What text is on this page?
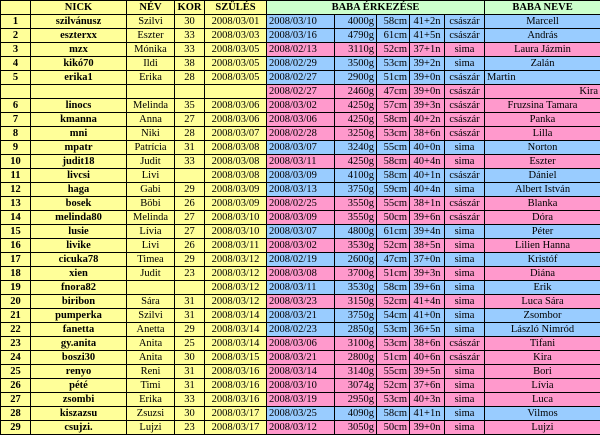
	NICK	NÉV	KOR	SZÜLÉS	BABA ÉRKEZÉSE					BABA NEVE
1	szilvánusz	Szilvi	30	2008/03/01	2008/03/10	4000g	58cm	41+2n	császár	Marcell
2	eszterxx	Eszter	33	2008/03/03	2008/03/16	4790g	61cm	41+5n	császár	András
3	mzx	Mónika	33	2008/03/05	2008/02/13	3110g	52cm	37+1n	sima	Laura Jázmin
4	kikó70	Ildi	38	2008/03/05	2008/02/29	3500g	53cm	39+2n	sima	Zalán
5	erika1	Erika	28	2008/03/05	2008/02/27	2900g	51cm	39+0n	császár	Martin
					2008/02/27	2460g	47cm	39+0n	császár	Kira
6	linocs	Melinda	35	2008/03/06	2008/03/02	4250g	57cm	39+3n	császár	Fruzsina Tamara
7	kmanna	Anna	27	2008/03/06	2008/03/06	4250g	58cm	40+2n	császár	Panka
8	mni	Niki	28	2008/03/07	2008/02/28	3250g	53cm	38+6n	császár	Lilla
9	mpatr	Patrícia	31	2008/03/08	2008/03/07	3240g	55cm	40+0n	sima	Norton
10	judit18	Judit	33	2008/03/08	2008/03/11	4250g	58cm	40+4n	sima	Eszter
11	livcsi	Livi		2008/03/08	2008/03/09	4100g	58cm	40+1n	császár	Dániel
12	haga	Gabi	29	2008/03/09	2008/03/13	3750g	59cm	40+4n	sima	Albert István
13	bosek	Böbi	26	2008/03/09	2008/02/25	3550g	55cm	38+1n	császár	Blanka
14	melinda80	Melinda	27	2008/03/10	2008/03/09	3550g	50cm	39+6n	császár	Dóra
15	lusie	Lívia	27	2008/03/10	2008/03/07	4800g	61cm	39+4n	sima	Péter
16	livike	Livi	26	2008/03/11	2008/03/02	3530g	52cm	38+5n	sima	Lilien Hanna
17	cicuka78	Timea	29	2008/03/12	2008/02/19	2600g	47cm	37+0n	sima	Kristóf
18	xien	Judit	23	2008/03/12	2008/03/08	3700g	51cm	39+3n	sima	Diána
19	fnora82			2008/03/12	2008/03/11	3530g	58cm	39+6n	sima	Erik
20	biribon	Sára	31	2008/03/12	2008/03/23	3150g	52cm	41+4n	sima	Luca Sára
21	pumperka	Szilvi	31	2008/03/14	2008/03/21	3750g	54cm	41+0n	sima	Zsombor
22	fanetta	Anetta	29	2008/03/14	2008/02/23	2850g	53cm	36+5n	sima	László Nimród
23	gy.anita	Anita	25	2008/03/14	2008/03/06	3100g	53cm	38+6n	császár	Tifani
24	boszi30	Anita	30	2008/03/15	2008/03/21	2800g	51cm	40+6n	császár	Kira
25	renyo	Reni	31	2008/03/16	2008/03/14	3140g	55cm	39+5n	sima	Bori
26	pété	Timi	31	2008/03/16	2008/03/10	3074g	52cm	37+6n	sima	Lívia
27	zsombi	Erika	33	2008/03/16	2008/03/19	2950g	53cm	40+3n	sima	Luca
28	kiszazsu	Zsuzsi	30	2008/03/17	2008/03/25	4090g	58cm	41+1n	sima	Vilmos
29	csujzi.	Lujzi	23	2008/03/17	2008/03/12	3050g	50cm	39+0n	sima	Lujzi
